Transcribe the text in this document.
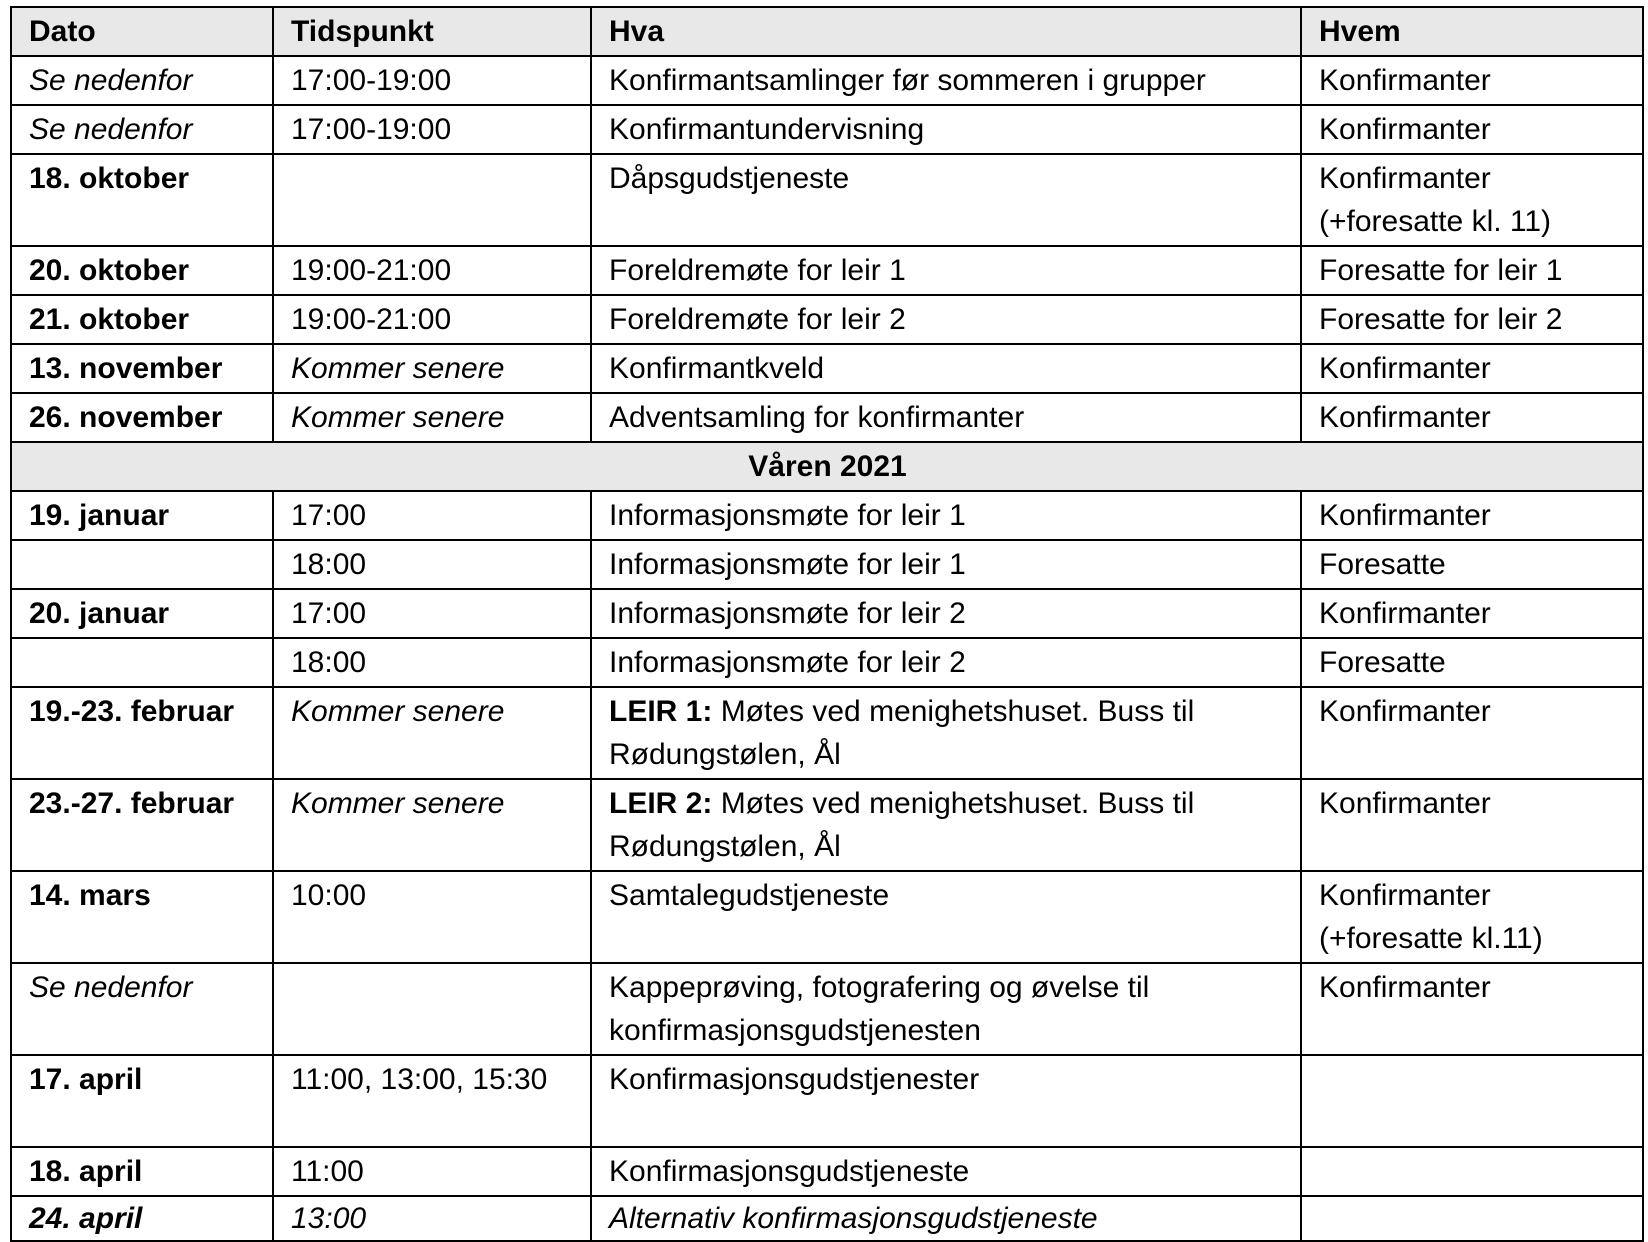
Dato	Tidspunkt	Hva	Hvem
Se nedenfor	17:00-19:00	Konfirmantsamlinger før sommeren i grupper	Konfirmanter
Se nedenfor	17:00-19:00	Konfirmantundervisning	Konfirmanter
18. oktober		Dåpsgudstjeneste	Konfirmanter (+foresatte kl. 11)
20. oktober	19:00-21:00	Foreldremøte for leir 1	Foresatte for leir 1
21. oktober	19:00-21:00	Foreldremøte for leir 2	Foresatte for leir 2
13. november	Kommer senere	Konfirmantkveld	Konfirmanter
26. november	Kommer senere	Adventsamling for konfirmanter	Konfirmanter
Våren 2021			
19. januar	17:00	Informasjonsmøte for leir 1	Konfirmanter
	18:00	Informasjonsmøte for leir 1	Foresatte
20. januar	17:00	Informasjonsmøte for leir 2	Konfirmanter
	18:00	Informasjonsmøte for leir 2	Foresatte
19.-23. februar	Kommer senere	LEIR 1: Møtes ved menighetshuset. Buss til Rødungstølen, Ål	Konfirmanter
23.-27. februar	Kommer senere	LEIR 2: Møtes ved menighetshuset. Buss til Rødungstølen, Ål	Konfirmanter
14. mars	10:00	Samtalegudstjeneste	Konfirmanter (+foresatte kl.11)
Se nedenfor		Kappeprøving, fotografering og øvelse til konfirmasjonsgudstjenesten	Konfirmanter
17. april	11:00, 13:00, 15:30	Konfirmasjonsgudstjenester	
18. april	11:00	Konfirmasjonsgudstjeneste	
24. april	13:00	Alternativ konfirmasjonsgudstjeneste	
